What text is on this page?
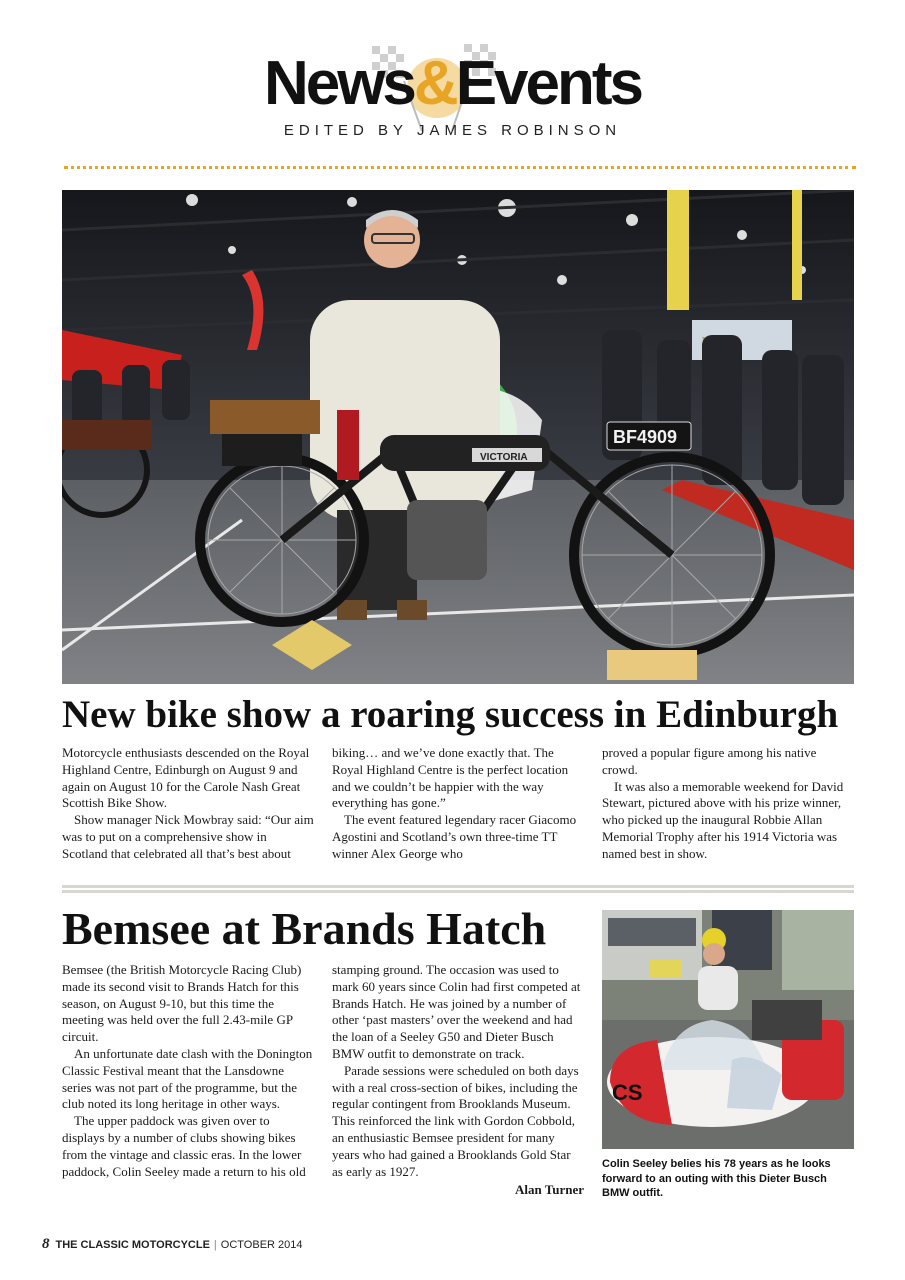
News&Events
EDITED BY JAMES ROBINSON
VICTORIA
BF4909
New bike show a roaring success in Edinburgh

Motorcycle enthusiasts descended on the Royal Highland Centre, Edinburgh on August 9 and again on August 10 for the Carole Nash Great Scottish Bike Show.

Show manager Nick Mowbray said: “Our aim was to put on a comprehensive show in Scotland that celebrated all that’s best about

biking… and we’ve done exactly that. The Royal Highland Centre is the perfect location and we couldn’t be happier with the way everything has gone.”

The event featured legendary racer Giacomo Agostini and Scotland’s own three-time TT winner Alex George who

proved a popular figure among his native crowd.

It was also a memorable weekend for David Stewart, pictured above with his prize winner, who picked up the inaugural Robbie Allan Memorial Trophy after his 1914 Victoria was named best in show.

Bemsee at Brands Hatch

Bemsee (the British Motorcycle Racing Club) made its second visit to Brands Hatch for this season, on August 9-10, but this time the meeting was held over the full 2.43-mile GP circuit.

An unfortunate date clash with the Donington Classic Festival meant that the Lansdowne series was not part of the programme, but the club noted its long heritage in other ways.

The upper paddock was given over to displays by a number of clubs showing bikes from the vintage and classic eras. In the lower paddock, Colin Seeley made a return to his old

stamping ground. The occasion was used to mark 60 years since Colin had first competed at Brands Hatch. He was joined by a number of other ‘past masters’ over the weekend and had the loan of a Seeley G50 and Dieter Busch BMW outfit to demonstrate on track.

Parade sessions were scheduled on both days with a real cross-section of bikes, including the regular contingent from Brooklands Museum. This reinforced the link with Gordon Cobbold, an enthusiastic Bemsee president for many years who had gained a Brooklands Gold Star as early as 1927.

Alan Turner
CS
Colin Seeley belies his 78 years as he looks forward to an outing with this Dieter Busch BMW outfit.
8 THE CLASSIC MOTORCYCLE | OCTOBER 2014
